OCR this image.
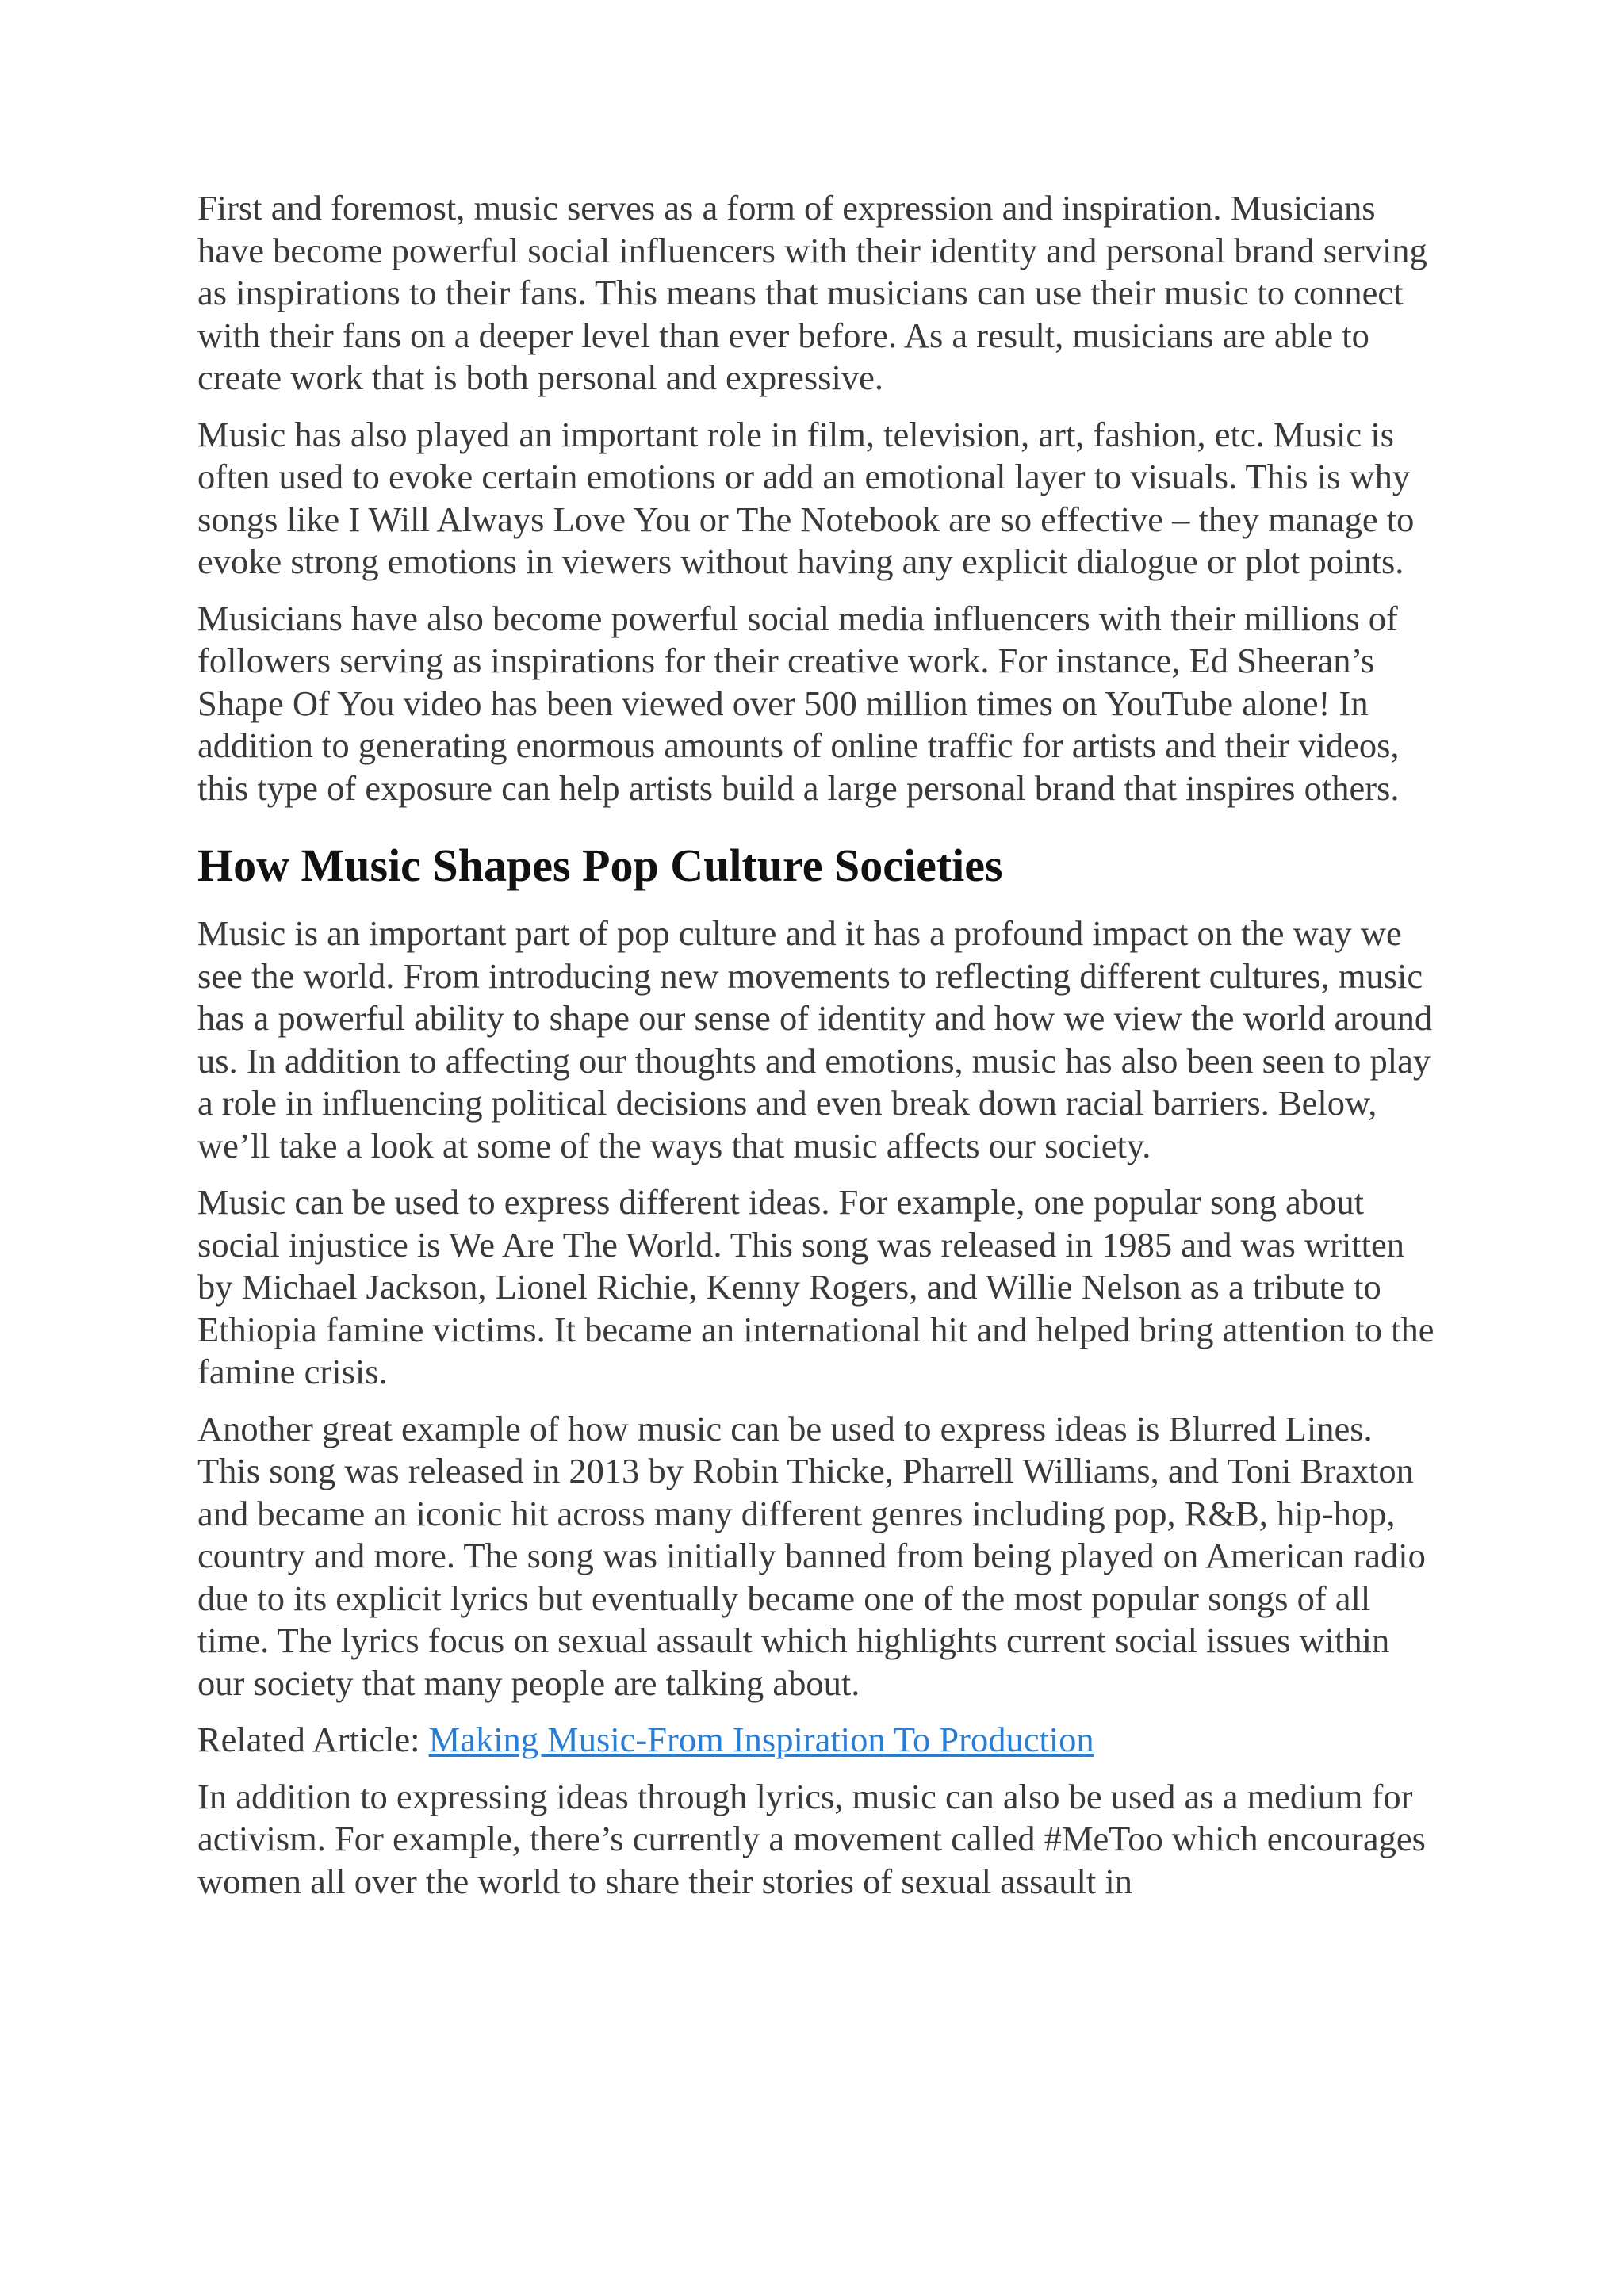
First and foremost, music serves as a form of expression and inspiration. Musicians have become powerful social influencers with their identity and personal brand serving as inspirations to their fans. This means that musicians can use their music to connect with their fans on a deeper level than ever before. As a result, musicians are able to create work that is both personal and expressive.

Music has also played an important role in film, television, art, fashion, etc. Music is often used to evoke certain emotions or add an emotional layer to visuals. This is why songs like I Will Always Love You or The Notebook are so effective – they manage to evoke strong emotions in viewers without having any explicit dialogue or plot points.

Musicians have also become powerful social media influencers with their millions of followers serving as inspirations for their creative work. For instance, Ed Sheeran’s Shape Of You video has been viewed over 500 million times on YouTube alone! In addition to generating enormous amounts of online traffic for artists and their videos, this type of exposure can help artists build a large personal brand that inspires others.

How Music Shapes Pop Culture Societies

Music is an important part of pop culture and it has a profound impact on the way we see the world. From introducing new movements to reflecting different cultures, music has a powerful ability to shape our sense of identity and how we view the world around us. In addition to affecting our thoughts and emotions, music has also been seen to play a role in influencing political decisions and even break down racial barriers. Below, we’ll take a look at some of the ways that music affects our society.

Music can be used to express different ideas. For example, one popular song about social injustice is We Are The World. This song was released in 1985 and was written by Michael Jackson, Lionel Richie, Kenny Rogers, and Willie Nelson as a tribute to Ethiopia famine victims. It became an international hit and helped bring attention to the famine crisis.

Another great example of how music can be used to express ideas is Blurred Lines. This song was released in 2013 by Robin Thicke, Pharrell Williams, and Toni Braxton and became an iconic hit across many different genres including pop, R&B, hip-hop, country and more. The song was initially banned from being played on American radio due to its explicit lyrics but eventually became one of the most popular songs of all time. The lyrics focus on sexual assault which highlights current social issues within our society that many people are talking about.

Related Article: Making Music-From Inspiration To Production

In addition to expressing ideas through lyrics, music can also be used as a medium for activism. For example, there’s currently a movement called #MeToo which encourages women all over the world to share their stories of sexual assault in
